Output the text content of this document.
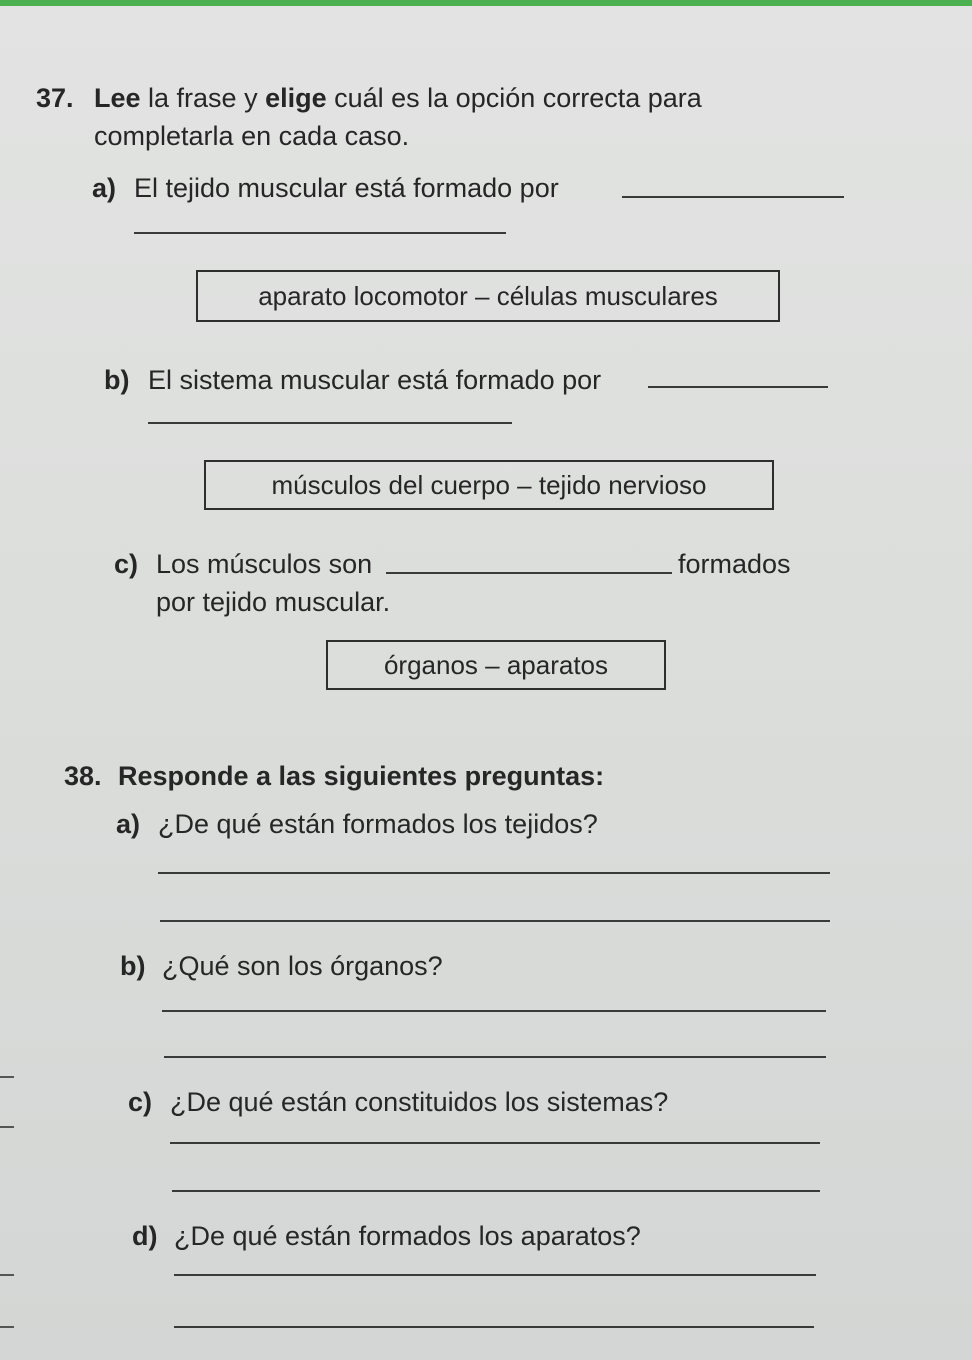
37. Lee la frase y elige cuál es la opción correcta para
completarla en cada caso.
a) El tejido muscular está formado por
aparato locomotor – células musculares
b) El sistema muscular está formado por
músculos del cuerpo – tejido nervioso
c) Los músculos son	formados
por tejido muscular.
órganos – aparatos
38. Responde a las siguientes preguntas:
a) ¿De qué están formados los tejidos?
b) ¿Qué son los órganos?
c) ¿De qué están constituidos los sistemas?
d) ¿De qué están formados los aparatos?
